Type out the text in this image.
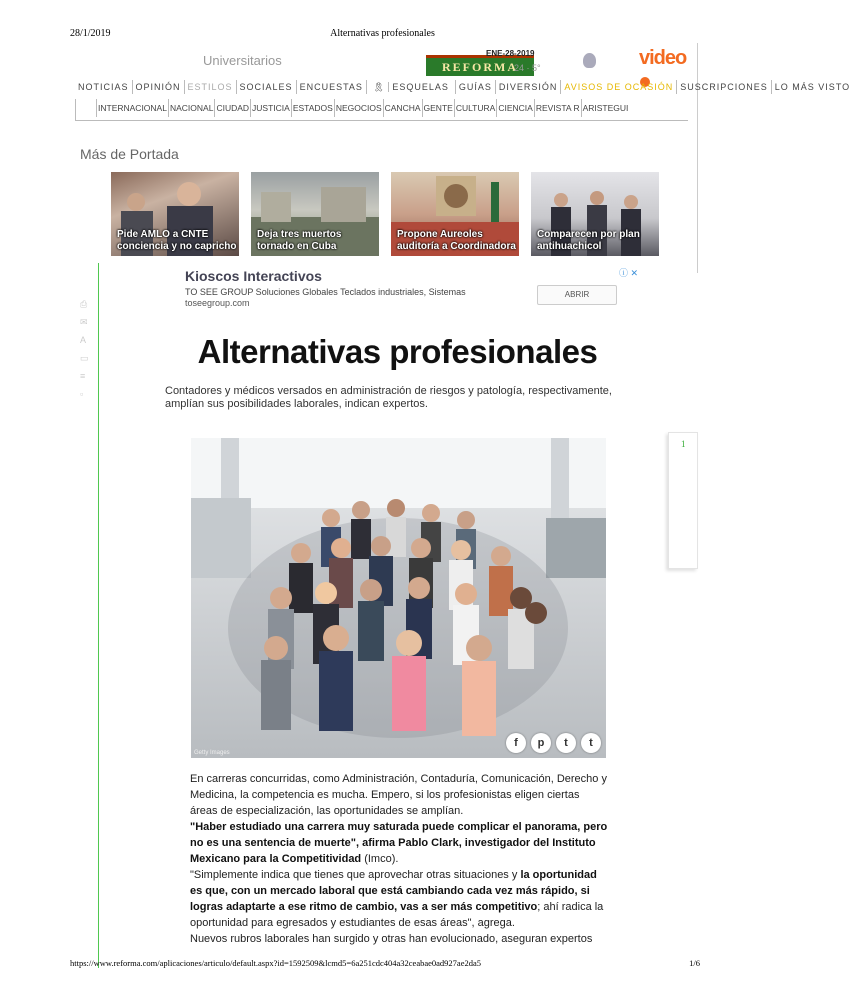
28/1/2019	Alternativas profesionales
Universitarios	REFORMA
ENE-28-2019
24 · 5°	video
NOTICIAS OPINIÓN ESTILOS SOCIALES ENCUESTAS	🎗 ESQUELAS	GUÍAS DIVERSIÓN AVISOS DE OCASIÓN SUSCRIPCIONES LO MÁS VISTO
INTERNACIONAL NACIONAL CIUDAD JUSTICIA ESTADOS NEGOCIOS CANCHA GENTE CULTURA CIENCIA REVISTA R ARISTEGUI
Más de Portada
Pide AMLO a CNTE conciencia y no capricho
Deja tres muertos tornado en Cuba
Propone Aureoles auditoría a Coordinadora
Comparecen por plan antihuachicol
⎙
✉
A
▭
≡
▫
Kioscos Interactivos
TO SEE GROUP Soluciones Globales Teclados industriales, Sistemas
toseegroup.com
ABRIR
ⓘ ✕
Alternativas profesionales
Contadores y médicos versados en administración de riesgos y patología, respectivamente, amplían sus posibilidades laborales, indican expertos.
Getty Images
f	p	t	t
1

En carreras concurridas, como Administración, Contaduría, Comunicación, Derecho y Medicina, la competencia es mucha. Empero, si los profesionistas eligen ciertas áreas de especialización, las oportunidades se amplían.

"Haber estudiado una carrera muy saturada puede complicar el panorama, pero no es una sentencia de muerte", afirma Pablo Clark, investigador del Instituto Mexicano para la Competitividad (Imco).

"Simplemente indica que tienes que aprovechar otras situaciones y la oportunidad es que, con un mercado laboral que está cambiando cada vez más rápido, si logras adaptarte a ese ritmo de cambio, vas a ser más competitivo; ahí radica la oportunidad para egresados y estudiantes de esas áreas", agrega.

Nuevos rubros laborales han surgido y otras han evolucionado, aseguran expertos

https://www.reforma.com/aplicaciones/articulo/default.aspx?id=1592509&lcmd5=6a251cdc404a32ceabae0ad927ae2da5	1/6
